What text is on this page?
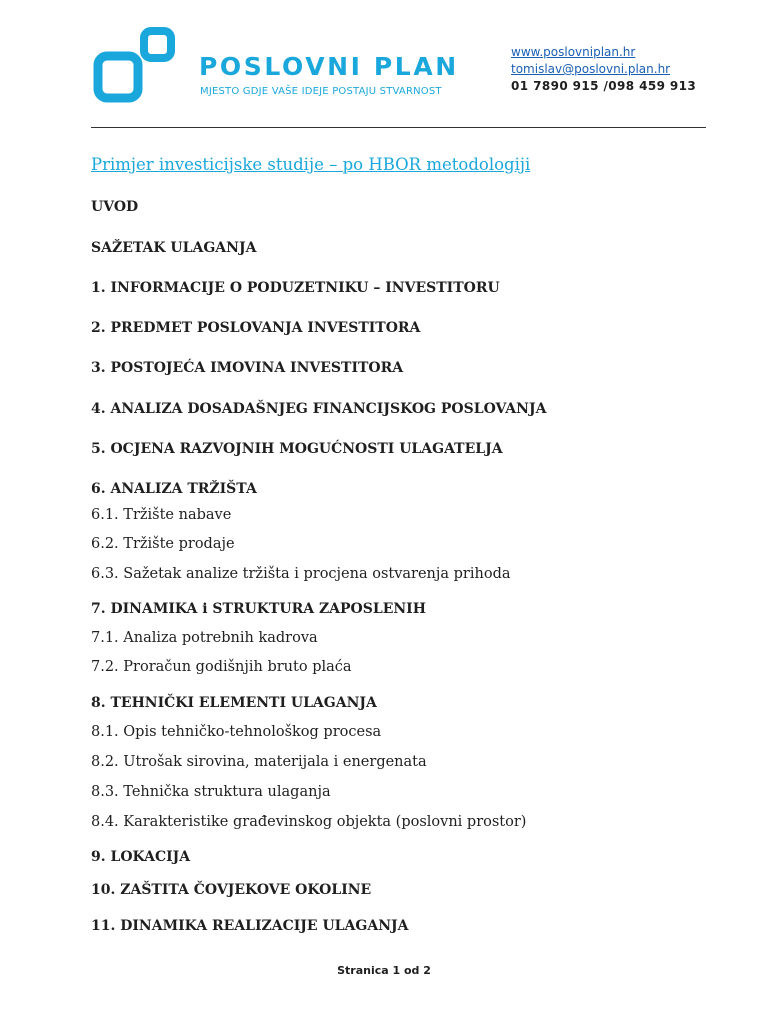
POSLOVNI PLAN
MJESTO GDJE VAŠE IDEJE POSTAJU STVARNOST
www.poslovniplan.hr
tomislav@poslovni.plan.hr
01 7890 915 /098 459 913
Primjer investicijske studije – po HBOR metodologiji
UVOD
SAŽETAK ULAGANJA
1. INFORMACIJE O PODUZETNIKU – INVESTITORU
2. PREDMET POSLOVANJA INVESTITORA
3. POSTOJEĆA IMOVINA INVESTITORA
4. ANALIZA DOSADAŠNJEG FINANCIJSKOG POSLOVANJA
5. OCJENA RAZVOJNIH MOGUĆNOSTI ULAGATELJA
6. ANALIZA TRŽIŠTA
6.1. Tržište nabave
6.2. Tržište prodaje
6.3. Sažetak analize tržišta i procjena ostvarenja prihoda
7. DINAMIKA i STRUKTURA ZAPOSLENIH
7.1. Analiza potrebnih kadrova
7.2. Proračun godišnjih bruto plaća
8. TEHNIČKI ELEMENTI ULAGANJA
8.1. Opis tehničko-tehnološkog procesa
8.2. Utrošak sirovina, materijala i energenata
8.3. Tehnička struktura ulaganja
8.4. Karakteristike građevinskog objekta (poslovni prostor)
9. LOKACIJA
10. ZAŠTITA ČOVJEKOVE OKOLINE
11. DINAMIKA REALIZACIJE ULAGANJA
Stranica 1 od 2
